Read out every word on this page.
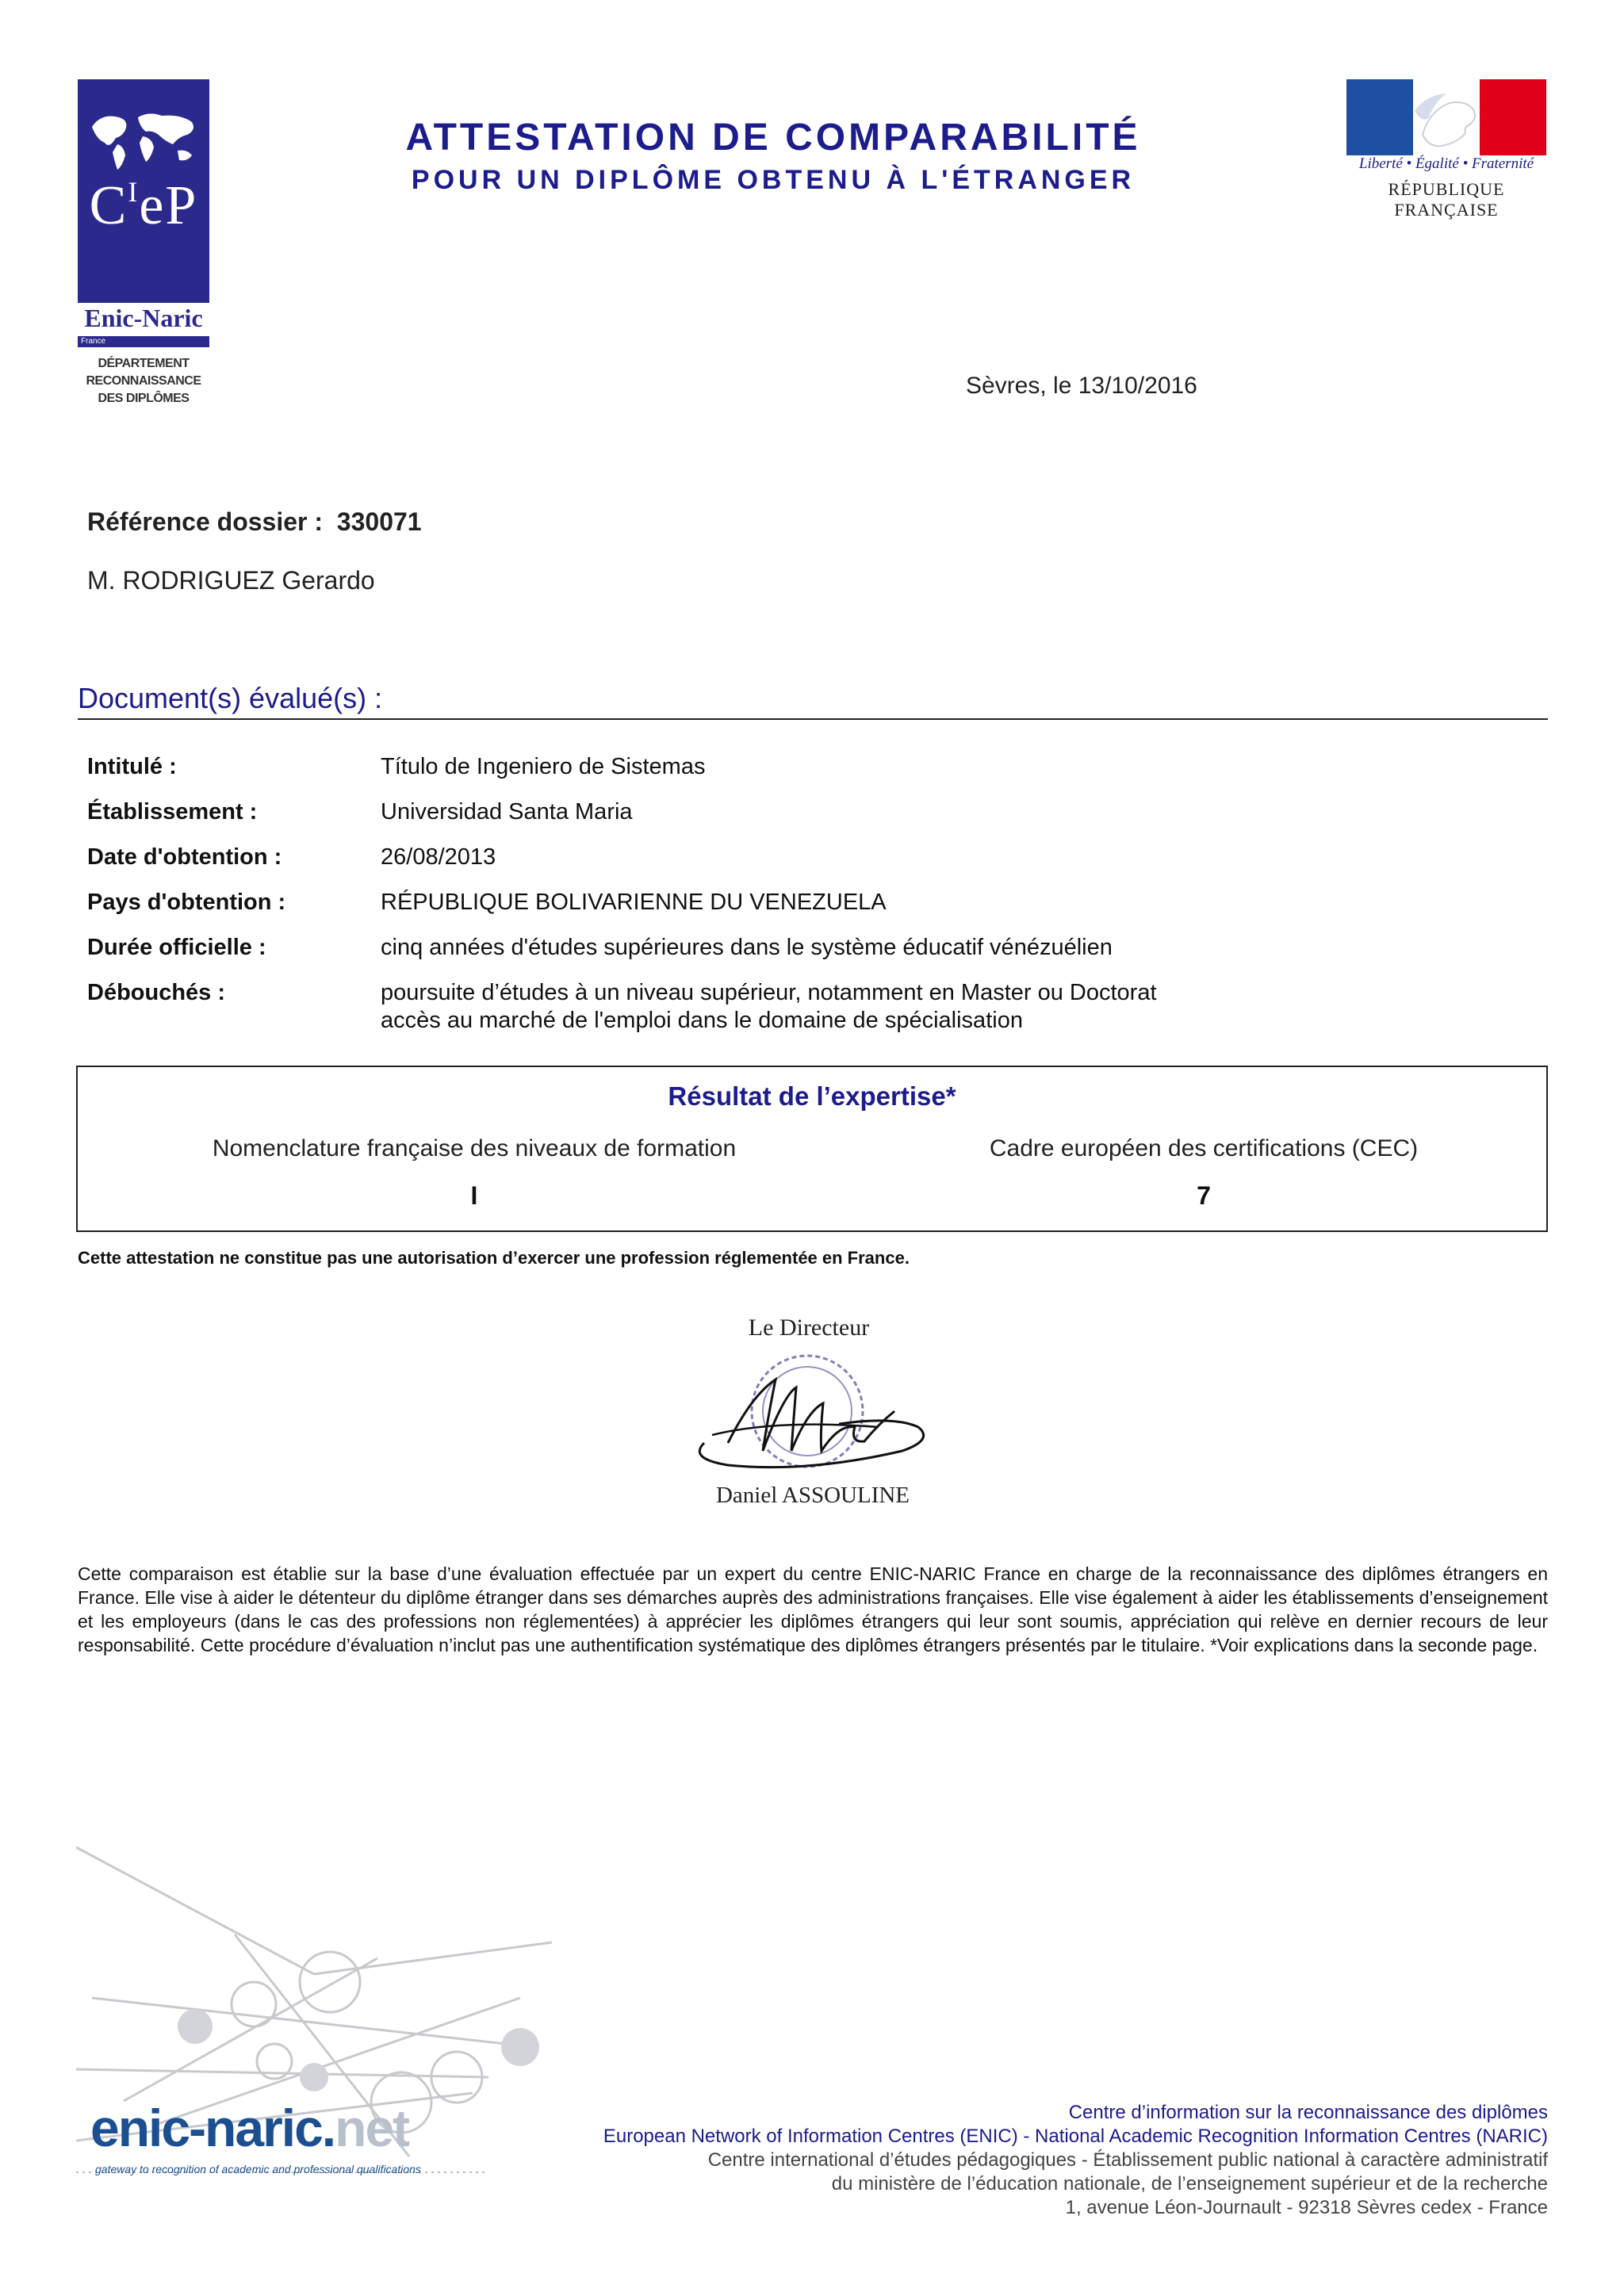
$C^IeP$
Enic-Naric
France
DÉPARTEMENT
RECONNAISSANCE
DES DIPLÔMES
ATTESTATION DE COMPARABILITÉ
POUR UN DIPLÔME OBTENU À L'ÉTRANGER
Liberté • Égalité • Fraternité
RÉPUBLIQUE FRANÇAISE
Sèvres, le 13/10/2016
Référence dossier : 330071
M. RODRIGUEZ Gerardo
Document(s) évalué(s) :
Intitulé :	Título de Ingeniero de Sistemas
Établissement :	Universidad Santa Maria
Date d'obtention :	26/08/2013
Pays d'obtention :	RÉPUBLIQUE BOLIVARIENNE DU VENEZUELA
Durée officielle :	cinq années d'études supérieures dans le système éducatif vénézuélien
Débouchés :	poursuite d’études à un niveau supérieur, notamment en Master ou Doctorat
accès au marché de l'emploi dans le domaine de spécialisation
Résultat de l’expertise*
Nomenclature française des niveaux de formation	Cadre européen des certifications (CEC)
I	7
Cette attestation ne constitue pas une autorisation d’exercer une profession réglementée en France.
Le Directeur
Daniel ASSOULINE
Cette comparaison est établie sur la base d’une évaluation effectuée par un expert du centre ENIC-NARIC France en charge de la reconnaissance des diplômes étrangers en France. Elle vise à aider le détenteur du diplôme étranger dans ses démarches auprès des administrations françaises. Elle vise également à aider les établissements d’enseignement et les employeurs (dans le cas des professions non réglementées) à apprécier les diplômes étrangers qui leur sont soumis, appréciation qui relève en dernier recours de leur responsabilité. Cette procédure d’évaluation n’inclut pas une authentification systématique des diplômes étrangers présentés par le titulaire. *Voir explications dans la seconde page.
enic-naric.net
gateway to recognition of academic and professional qualifications
Centre d’information sur la reconnaissance des diplômes
European Network of Information Centres (ENIC) - National Academic Recognition Information Centres (NARIC)
Centre international d’études pédagogiques - Établissement public national à caractère administratif
du ministère de l’éducation nationale, de l’enseignement supérieur et de la recherche
1, avenue Léon-Journault - 92318 Sèvres cedex - France
